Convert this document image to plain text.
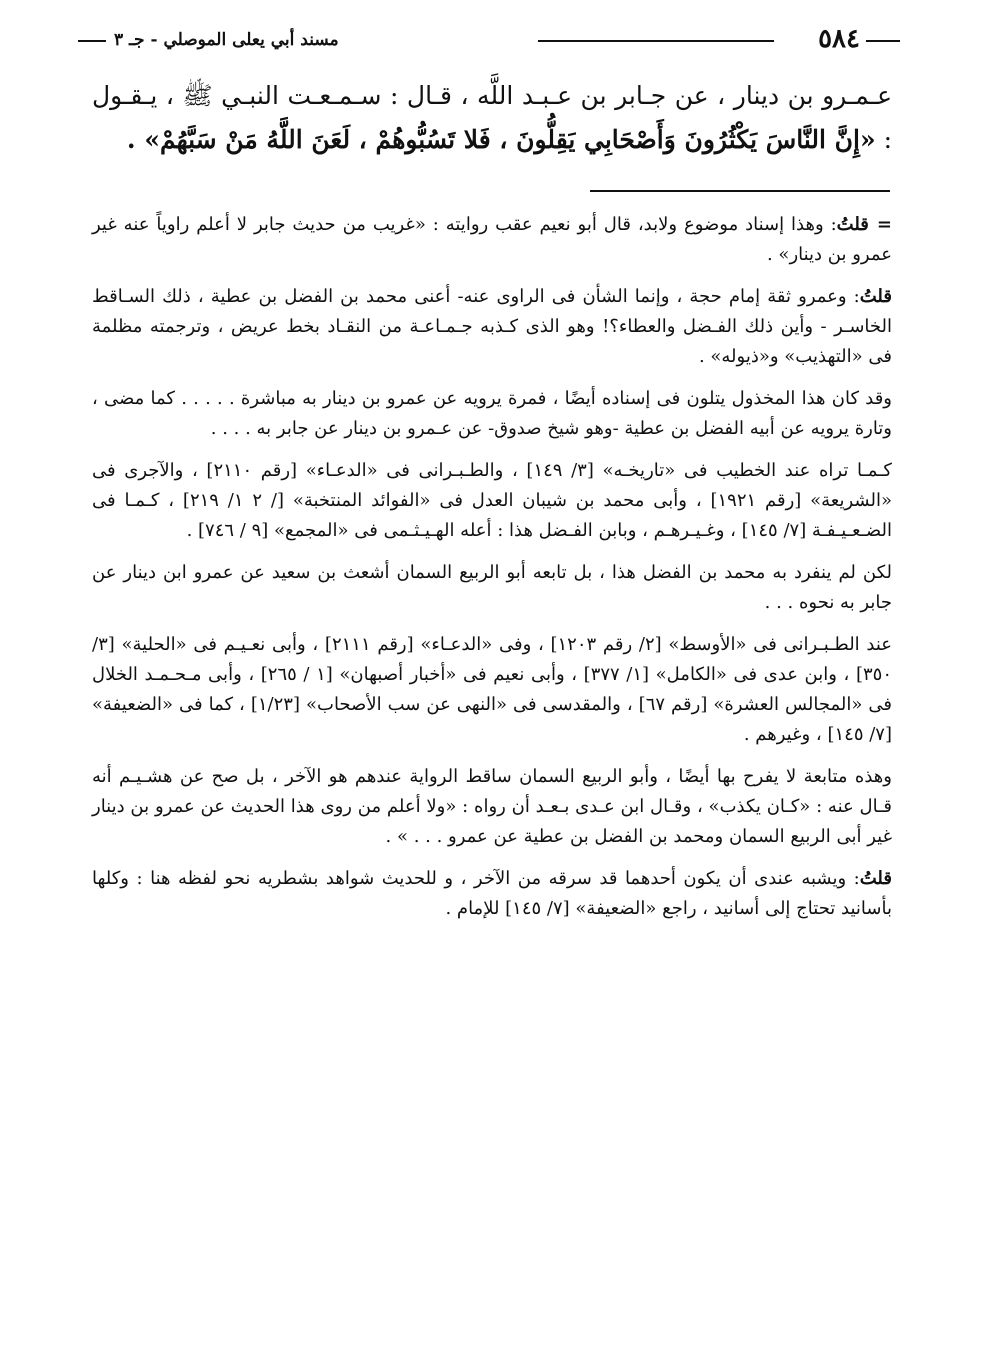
٥٨٤
مسند أبي يعلى الموصلي - جـ ٣
عـمـرو بن دينار ، عن جـابر بن عـبـد اللَّه ، قـال : سـمـعـت النبـي ﷺ ، يـقـول : «إِنَّ النَّاسَ يَكْثُرُونَ وَأَصْحَابِي يَقِلُّونَ ، فَلا تَسُبُّوهُمْ ، لَعَنَ اللَّهُ مَنْ سَبَّهُمْ» .

=قلتُ: وهذا إسناد موضوع ولابد، قال أبو نعيم عقب روايته : «غريب من حديث جابر لا أعلم راوياً عنه غير عمرو بن دينار» .

قلتُ: وعمرو ثقة إمام حجة ، وإنما الشأن فى الراوى عنه- أعنى محمد بن الفضل بن عطية ، ذلك السـاقط الخاسـر - وأين ذلك الفـضل والعطاء؟! وهو الذى كـذبه جـمـاعـة من النقـاد بخط عريض ، وترجمته مظلمة فى «التهذيب» و«ذيوله» .

وقد كان هذا المخذول يتلون فى إسناده أيضًا ، فمرة يرويه عن عمرو بن دينار به مباشرة . . . . . كما مضى ، وتارة يرويه عن أبيه الفضل بن عطية -وهو شيخ صدوق- عن عـمرو بن دينار عن جابر به . . . .

كـمـا تراه عند الخطيب فى «تاريخـه» [٣/ ١٤٩] ، والطـبـرانى فى «الدعـاء» [رقم ٢١١٠] ، والآجرى فى «الشريعة» [رقم ١٩٢١] ، وأبى محمد بن شيبان العدل فى «الفوائد المنتخبة» [/ ٢ ١/ ٢١٩] ، كـمـا فى الضـعـيـفـة [٧/ ١٤٥] ، وغـيـرهـم ، وبابن الفـضل هذا : أعله الهـيـثـمى فى «المجمع» [٩ / ٧٤٦] .

لكن لم ينفرد به محمد بن الفضل هذا ، بل تابعه أبو الربيع السمان أشعث بن سعيد عن عمرو ابن دينار عن جابر به نحوه . . .

عند الطـبـرانى فى «الأوسط» [٢/ رقم ١٢٠٣] ، وفى «الدعـاء» [رقم ٢١١١] ، وأبى نعـيـم فى «الحلية» [٣/ ٣٥٠] ، وابن عدى فى «الكامل» [١/ ٣٧٧] ، وأبى نعيم فى «أخبار أصبهان» [١ / ٢٦٥] ، وأبى مـحـمـد الخلال فى «المجالس العشرة» [رقم ٦٧] ، والمقدسى فى «النهى عن سب الأصحاب» [١/٢٣] ، كما فى «الضعيفة» [٧/ ١٤٥] ، وغيرهم .

وهذه متابعة لا يفرح بها أيضًا ، وأبو الربيع السمان ساقط الرواية عندهم هو الآخر ، بل صح عن هشـيـم أنه قـال عنه : «كـان يكذب» ، وقـال ابن عـدى بـعـد أن رواه : «ولا أعلم من روى هذا الحديث عن عمرو بن دينار غير أبى الربيع السمان ومحمد بن الفضل بن عطية عن عمرو . . . » .

قلتُ: ويشبه عندى أن يكون أحدهما قد سرقه من الآخر ، و للحديث شواهد بشطريه نحو لفظه هنا : وكلها بأسانيد تحتاج إلى أسانيد ، راجع «الضعيفة» [٧/ ١٤٥] للإمام .
